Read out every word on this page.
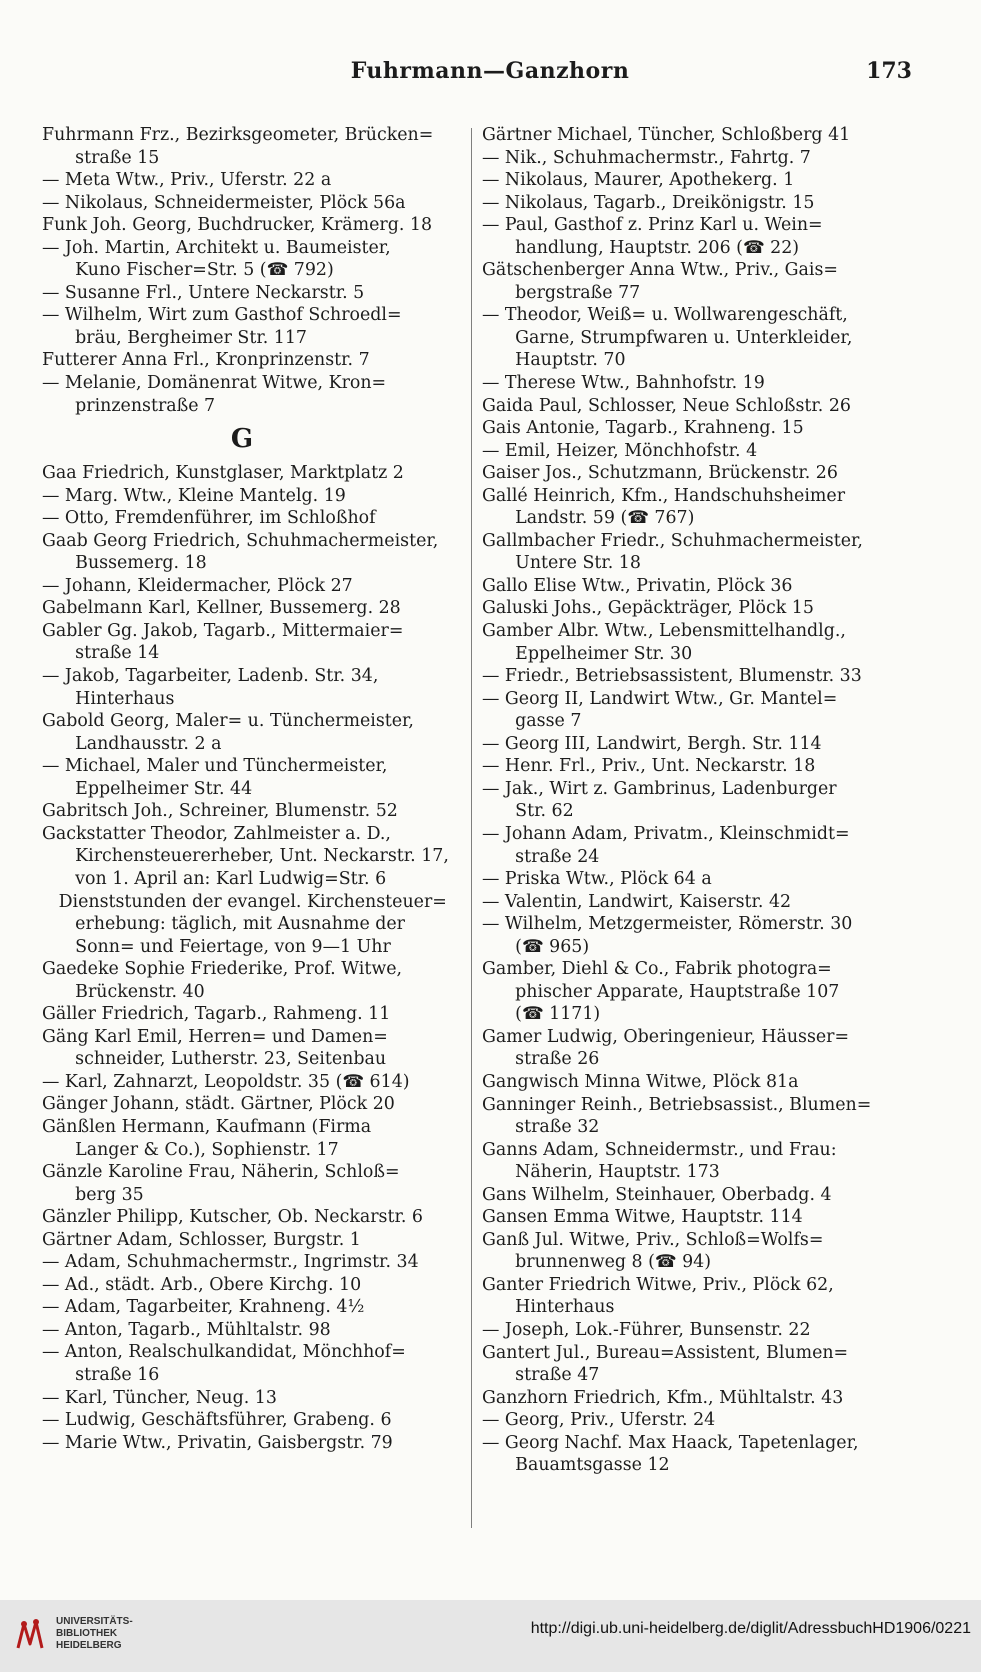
Fuhrmann—Ganzhorn	173
Fuhrmann Frz., Bezirksgeometer, Brücken=
straße 15
— Meta Wtw., Priv., Uferstr. 22 a
— Nikolaus, Schneidermeister, Plöck 56a
Funk Joh. Georg, Buchdrucker, Krämerg. 18
— Joh. Martin, Architekt u. Baumeister,
Kuno Fischer=Str. 5 (☎ 792)
— Susanne Frl., Untere Neckarstr. 5
— Wilhelm, Wirt zum Gasthof Schroedl=
bräu, Bergheimer Str. 117
Futterer Anna Frl., Kronprinzenstr. 7
— Melanie, Domänenrat Witwe, Kron=
prinzenstraße 7
G
Gaa Friedrich, Kunstglaser, Marktplatz 2
— Marg. Wtw., Kleine Mantelg. 19
— Otto, Fremdenführer, im Schloßhof
Gaab Georg Friedrich, Schuhmachermeister,
Bussemerg. 18
— Johann, Kleidermacher, Plöck 27
Gabelmann Karl, Kellner, Bussemerg. 28
Gabler Gg. Jakob, Tagarb., Mittermaier=
straße 14
— Jakob, Tagarbeiter, Ladenb. Str. 34,
Hinterhaus
Gabold Georg, Maler= u. Tünchermeister,
Landhausstr. 2 a
— Michael, Maler und Tünchermeister,
Eppelheimer Str. 44
Gabritsch Joh., Schreiner, Blumenstr. 52
Gackstatter Theodor, Zahlmeister a. D.,
Kirchensteuererheber, Unt. Neckarstr. 17,
von 1. April an: Karl Ludwig=Str. 6
Dienststunden der evangel. Kirchensteuer=
erhebung: täglich, mit Ausnahme der
Sonn= und Feiertage, von 9—1 Uhr
Gaedeke Sophie Friederike, Prof. Witwe,
Brückenstr. 40
Gäller Friedrich, Tagarb., Rahmeng. 11
Gäng Karl Emil, Herren= und Damen=
schneider, Lutherstr. 23, Seitenbau
— Karl, Zahnarzt, Leopoldstr. 35 (☎ 614)
Gänger Johann, städt. Gärtner, Plöck 20
Gänßlen Hermann, Kaufmann (Firma
Langer & Co.), Sophienstr. 17
Gänzle Karoline Frau, Näherin, Schloß=
berg 35
Gänzler Philipp, Kutscher, Ob. Neckarstr. 6
Gärtner Adam, Schlosser, Burgstr. 1
— Adam, Schuhmachermstr., Ingrimstr. 34
— Ad., städt. Arb., Obere Kirchg. 10
— Adam, Tagarbeiter, Krahneng. 4½
— Anton, Tagarb., Mühltalstr. 98
— Anton, Realschulkandidat, Mönchhof=
straße 16
— Karl, Tüncher, Neug. 13
— Ludwig, Geschäftsführer, Grabeng. 6
— Marie Wtw., Privatin, Gaisbergstr. 79
Gärtner Michael, Tüncher, Schloßberg 41
— Nik., Schuhmachermstr., Fahrtg. 7
— Nikolaus, Maurer, Apothekerg. 1
— Nikolaus, Tagarb., Dreikönigstr. 15
— Paul, Gasthof z. Prinz Karl u. Wein=
handlung, Hauptstr. 206 (☎ 22)
Gätschenberger Anna Wtw., Priv., Gais=
bergstraße 77
— Theodor, Weiß= u. Wollwarengeschäft,
Garne, Strumpfwaren u. Unterkleider,
Hauptstr. 70
— Therese Wtw., Bahnhofstr. 19
Gaida Paul, Schlosser, Neue Schloßstr. 26
Gais Antonie, Tagarb., Krahneng. 15
— Emil, Heizer, Mönchhofstr. 4
Gaiser Jos., Schutzmann, Brückenstr. 26
Gallé Heinrich, Kfm., Handschuhsheimer
Landstr. 59 (☎ 767)
Gallmbacher Friedr., Schuhmachermeister,
Untere Str. 18
Gallo Elise Wtw., Privatin, Plöck 36
Galuski Johs., Gepäckträger, Plöck 15
Gamber Albr. Wtw., Lebensmittelhandlg.,
Eppelheimer Str. 30
— Friedr., Betriebsassistent, Blumenstr. 33
— Georg II, Landwirt Wtw., Gr. Mantel=
gasse 7
— Georg III, Landwirt, Bergh. Str. 114
— Henr. Frl., Priv., Unt. Neckarstr. 18
— Jak., Wirt z. Gambrinus, Ladenburger
Str. 62
— Johann Adam, Privatm., Kleinschmidt=
straße 24
— Priska Wtw., Plöck 64 a
— Valentin, Landwirt, Kaiserstr. 42
— Wilhelm, Metzgermeister, Römerstr. 30
(☎ 965)
Gamber, Diehl & Co., Fabrik photogra=
phischer Apparate, Hauptstraße 107
(☎ 1171)
Gamer Ludwig, Oberingenieur, Häusser=
straße 26
Gangwisch Minna Witwe, Plöck 81a
Ganninger Reinh., Betriebsassist., Blumen=
straße 32
Ganns Adam, Schneidermstr., und Frau:
Näherin, Hauptstr. 173
Gans Wilhelm, Steinhauer, Oberbadg. 4
Gansen Emma Witwe, Hauptstr. 114
Ganß Jul. Witwe, Priv., Schloß=Wolfs=
brunnenweg 8 (☎ 94)
Ganter Friedrich Witwe, Priv., Plöck 62,
Hinterhaus
— Joseph, Lok.-Führer, Bunsenstr. 22
Gantert Jul., Bureau=Assistent, Blumen=
straße 47
Ganzhorn Friedrich, Kfm., Mühltalstr. 43
— Georg, Priv., Uferstr. 24
— Georg Nachf. Max Haack, Tapetenlager,
Bauamtsgasse 12
UNIVERSITÄTS-
BIBLIOTHEK
HEIDELBERG
http://digi.ub.uni-heidelberg.de/diglit/AdressbuchHD1906/0221
